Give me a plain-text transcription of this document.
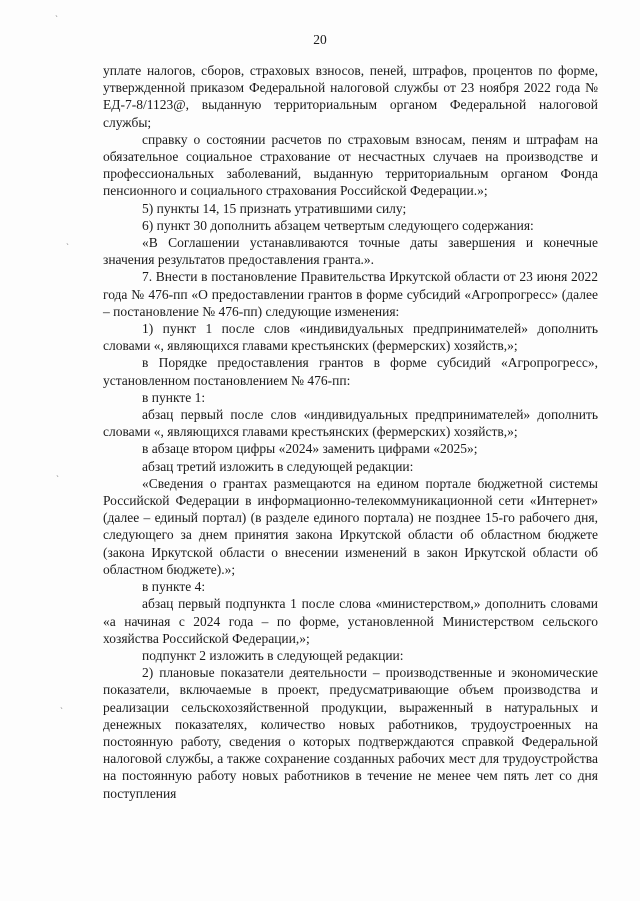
20

уплате налогов, сборов, страховых взносов, пеней, штрафов, процентов по форме, утвержденной приказом Федеральной налоговой службы от 23 ноября 2022 года № ЕД-7-8/1123@, выданную территориальным органом Федеральной налоговой службы;

справку о состоянии расчетов по страховым взносам, пеням и штрафам на обязательное социальное страхование от несчастных случаев на производстве и профессиональных заболеваний, выданную территориальным органом Фонда пенсионного и социального страхования Российской Федерации.»;

5) пункты 14, 15 признать утратившими силу;

6) пункт 30 дополнить абзацем четвертым следующего содержания:

«В Соглашении устанавливаются точные даты завершения и конечные значения результатов предоставления гранта.».

7. Внести в постановление Правительства Иркутской области от 23 июня 2022 года № 476-пп «О предоставлении грантов в форме субсидий «Агропрогресс» (далее – постановление № 476-пп) следующие изменения:

1) пункт 1 после слов «индивидуальных предпринимателей» дополнить словами «, являющихся главами крестьянских (фермерских) хозяйств,»;

в Порядке предоставления грантов в форме субсидий «Агропрогресс», установленном постановлением № 476-пп:

в пункте 1:

абзац первый после слов «индивидуальных предпринимателей» дополнить словами «, являющихся главами крестьянских (фермерских) хозяйств,»;

в абзаце втором цифры «2024» заменить цифрами «2025»;

абзац третий изложить в следующей редакции:

«Сведения о грантах размещаются на едином портале бюджетной системы Российской Федерации в информационно-телекоммуникационной сети «Интернет» (далее – единый портал) (в разделе единого портала) не позднее 15-го рабочего дня, следующего за днем принятия закона Иркутской области об областном бюджете (закона Иркутской области о внесении изменений в закон Иркутской области об областном бюджете).»;

в пункте 4:

абзац первый подпункта 1 после слова «министерством,» дополнить словами «а начиная с 2024 года – по форме, установленной Министерством сельского хозяйства Российской Федерации,»;

подпункт 2 изложить в следующей редакции:

2) плановые показатели деятельности – производственные и экономические показатели, включаемые в проект, предусматривающие объем производства и реализации сельскохозяйственной продукции, выраженный в натуральных и денежных показателях, количество новых работников, трудоустроенных на постоянную работу, сведения о которых подтверждаются справкой Федеральной налоговой службы, а также сохранение созданных рабочих мест для трудоустройства на постоянную работу новых работников в течение не менее чем пять лет со дня поступления

ˎ
ˎ
ˎ
ˎ
